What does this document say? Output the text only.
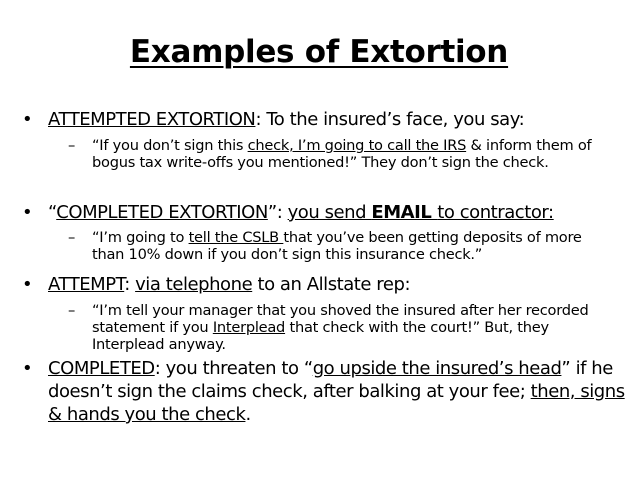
Examples of Extortion
• ATTEMPTED EXTORTION: To the insured’s face, you say:
– “If you don’t sign this check, I’m going to call the IRS & inform them of bogus tax write-offs you mentioned!” They don’t sign the check.
• “COMPLETED EXTORTION”: you send EMAIL to contractor:
– “I’m going to tell the CSLB that you’ve been getting deposits of more than 10% down if you don’t sign this insurance check.”
• ATTEMPT: via telephone to an Allstate rep:
– “I’m tell your manager that you shoved the insured after her recorded statement if you Interplead that check with the court!” But, they Interplead anyway.
• COMPLETED: you threaten to “go upside the insured’s head” if he doesn’t sign the claims check, after balking at your fee; then, signs & hands you the check.
